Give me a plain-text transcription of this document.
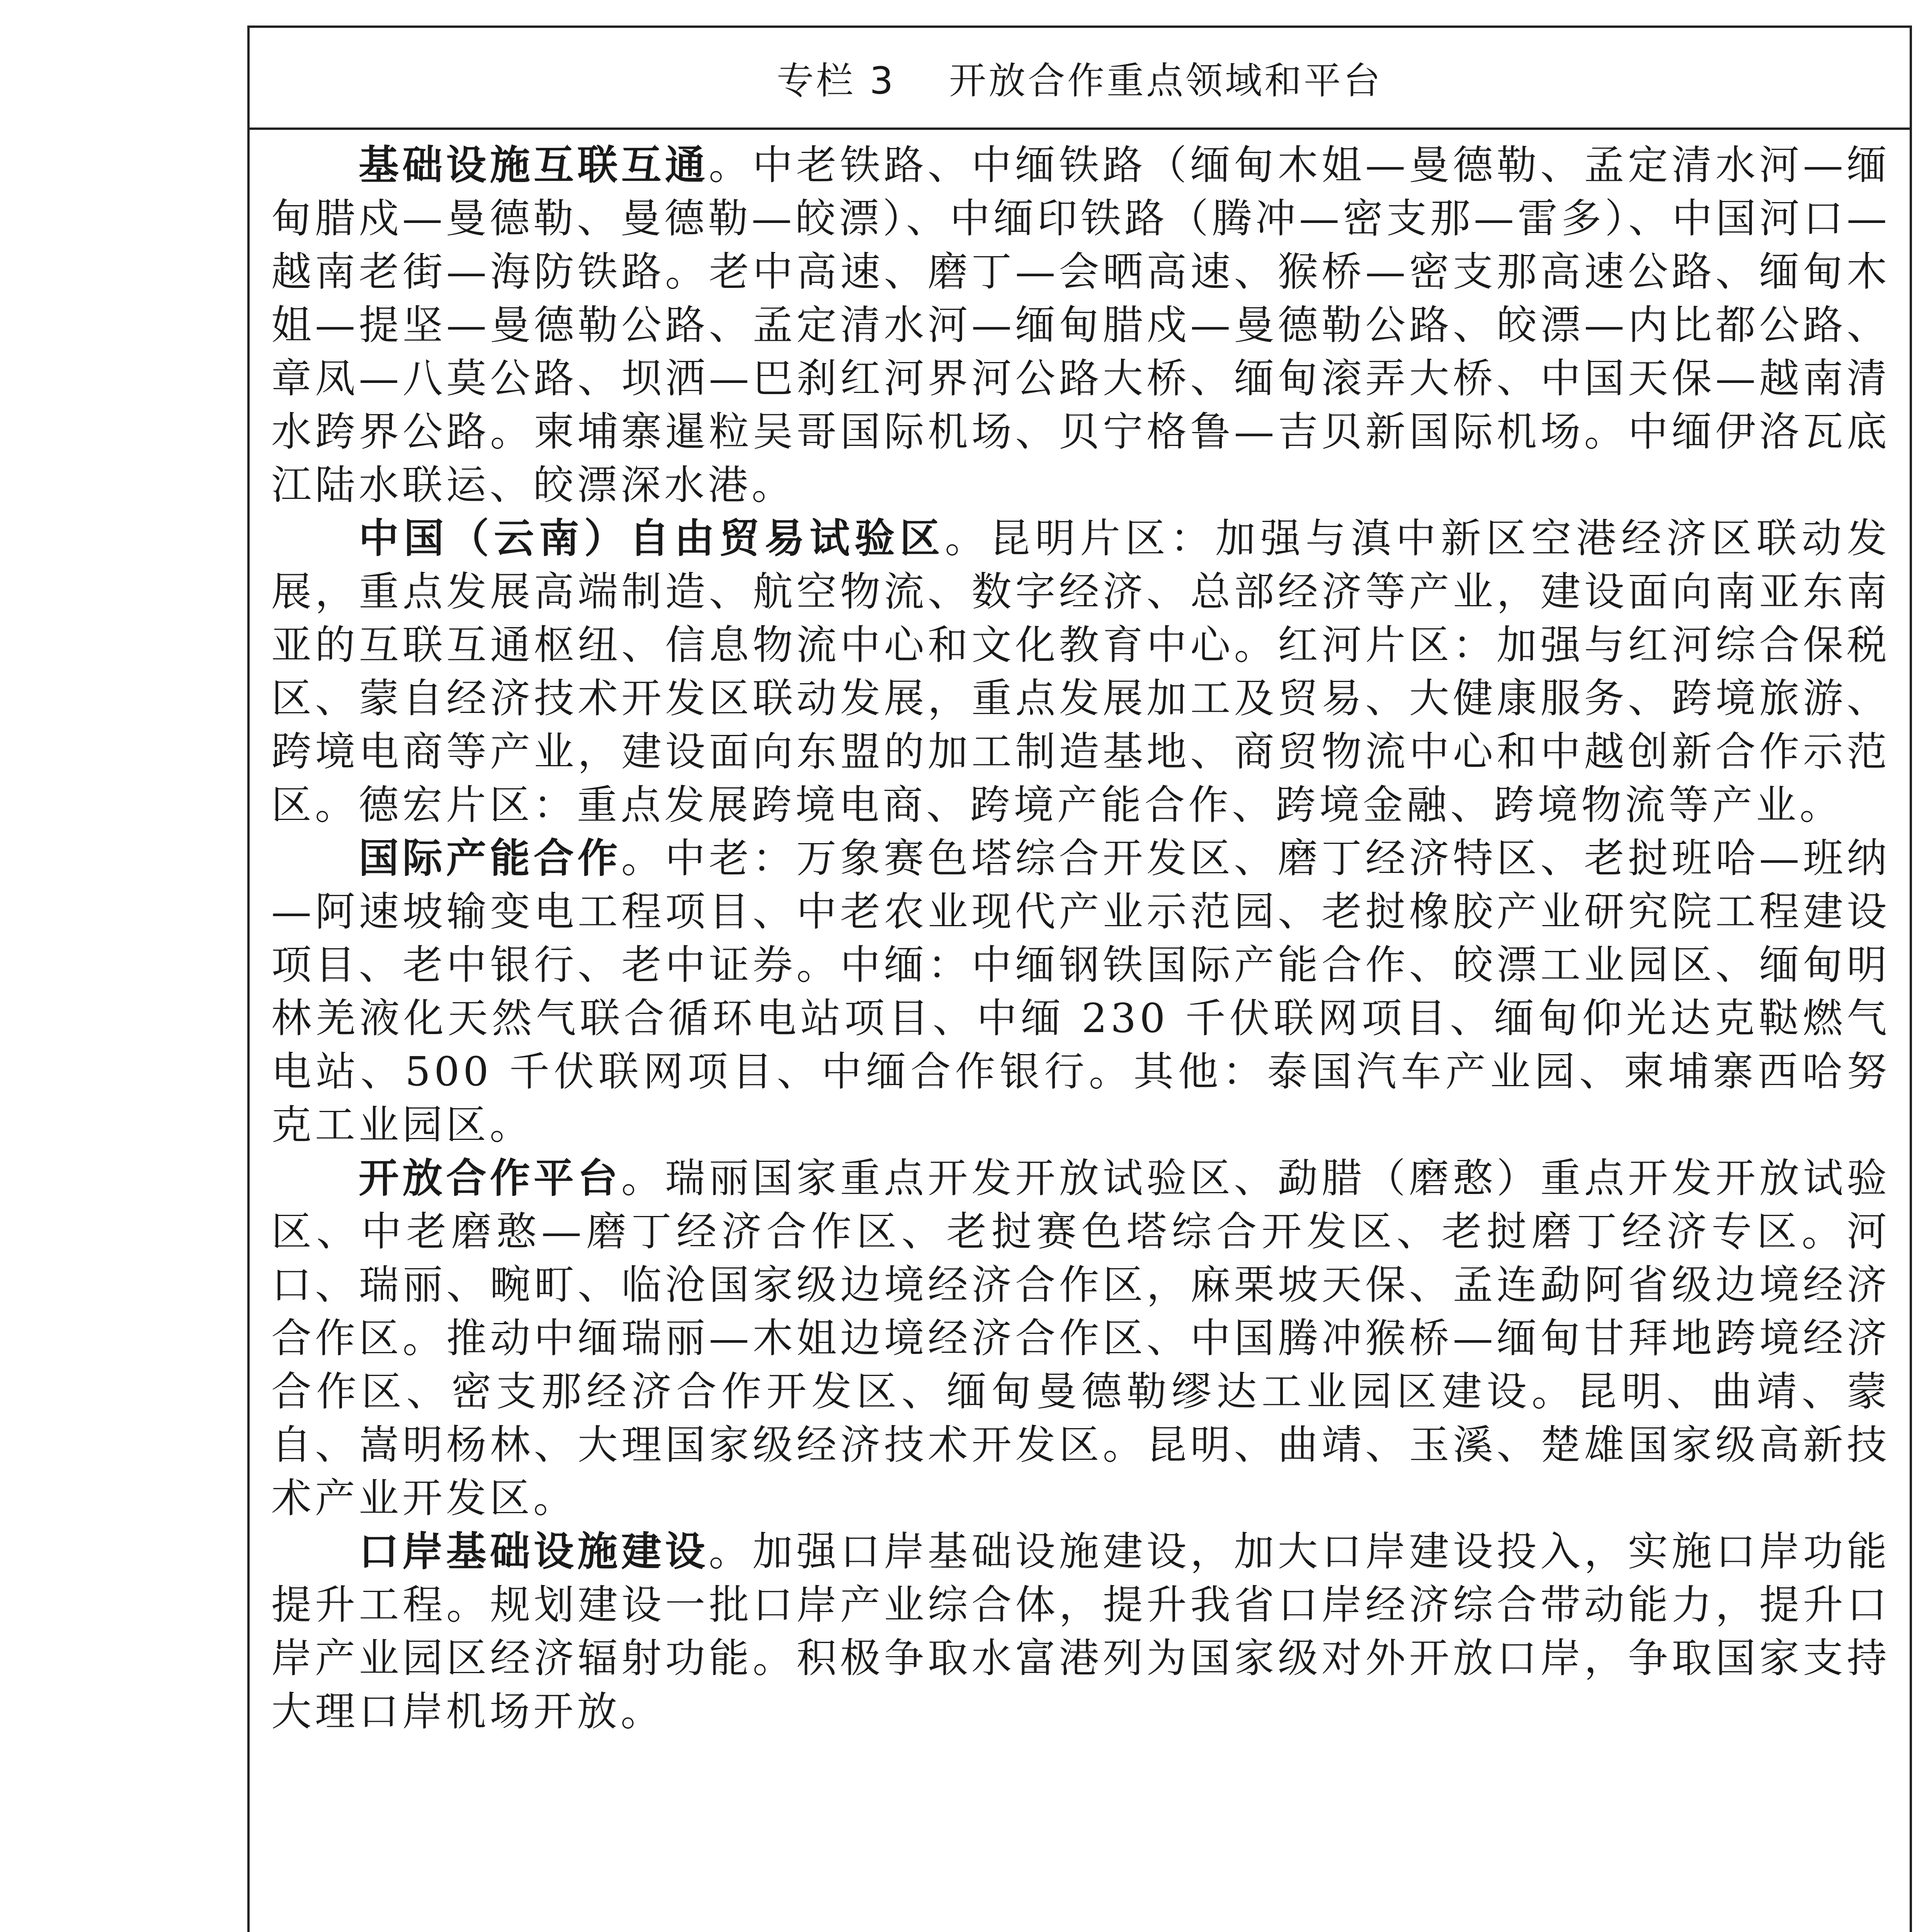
专栏 3　 开放合作重点领域和平台

基础设施互联互通。中老铁路、中缅铁路（缅甸木姐—曼德勒、孟定清水河—缅甸腊戍—曼德勒、曼德勒—皎漂）、中缅印铁路（腾冲—密支那—雷多）、中国河口—越南老街—海防铁路。老中高速、磨丁—会晒高速、猴桥—密支那高速公路、缅甸木姐—提坚—曼德勒公路、孟定清水河—缅甸腊戍—曼德勒公路、皎漂—内比都公路、章凤—八莫公路、坝洒—巴刹红河界河公路大桥、缅甸滚弄大桥、中国天保—越南清水跨界公路。柬埔寨暹粒吴哥国际机场、贝宁格鲁—吉贝新国际机场。中缅伊洛瓦底江陆水联运、皎漂深水港。

中国（云南）自由贸易试验区。昆明片区：加强与滇中新区空港经济区联动发展，重点发展高端制造、航空物流、数字经济、总部经济等产业，建设面向南亚东南亚的互联互通枢纽、信息物流中心和文化教育中心。红河片区：加强与红河综合保税区、蒙自经济技术开发区联动发展，重点发展加工及贸易、大健康服务、跨境旅游、跨境电商等产业，建设面向东盟的加工制造基地、商贸物流中心和中越创新合作示范区。德宏片区：重点发展跨境电商、跨境产能合作、跨境金融、跨境物流等产业。

国际产能合作。中老：万象赛色塔综合开发区、磨丁经济特区、老挝班哈—班纳—阿速坡输变电工程项目、中老农业现代产业示范园、老挝橡胶产业研究院工程建设项目、老中银行、老中证券。中缅：中缅钢铁国际产能合作、皎漂工业园区、缅甸明林羌液化天然气联合循环电站项目、中缅 230 千伏联网项目、缅甸仰光达克鞑燃气电站、500 千伏联网项目、中缅合作银行。其他：泰国汽车产业园、柬埔寨西哈努克工业园区。

开放合作平台。瑞丽国家重点开发开放试验区、勐腊（磨憨）重点开发开放试验区、中老磨憨—磨丁经济合作区、老挝赛色塔综合开发区、老挝磨丁经济专区。河口、瑞丽、畹町、临沧国家级边境经济合作区，麻栗坡天保、孟连勐阿省级边境经济合作区。推动中缅瑞丽—木姐边境经济合作区、中国腾冲猴桥—缅甸甘拜地跨境经济合作区、密支那经济合作开发区、缅甸曼德勒缪达工业园区建设。昆明、曲靖、蒙自、嵩明杨林、大理国家级经济技术开发区。昆明、曲靖、玉溪、楚雄国家级高新技术产业开发区。

口岸基础设施建设。加强口岸基础设施建设，加大口岸建设投入，实施口岸功能提升工程。规划建设一批口岸产业综合体，提升我省口岸经济综合带动能力，提升口岸产业园区经济辐射功能。积极争取水富港列为国家级对外开放口岸，争取国家支持大理口岸机场开放。
